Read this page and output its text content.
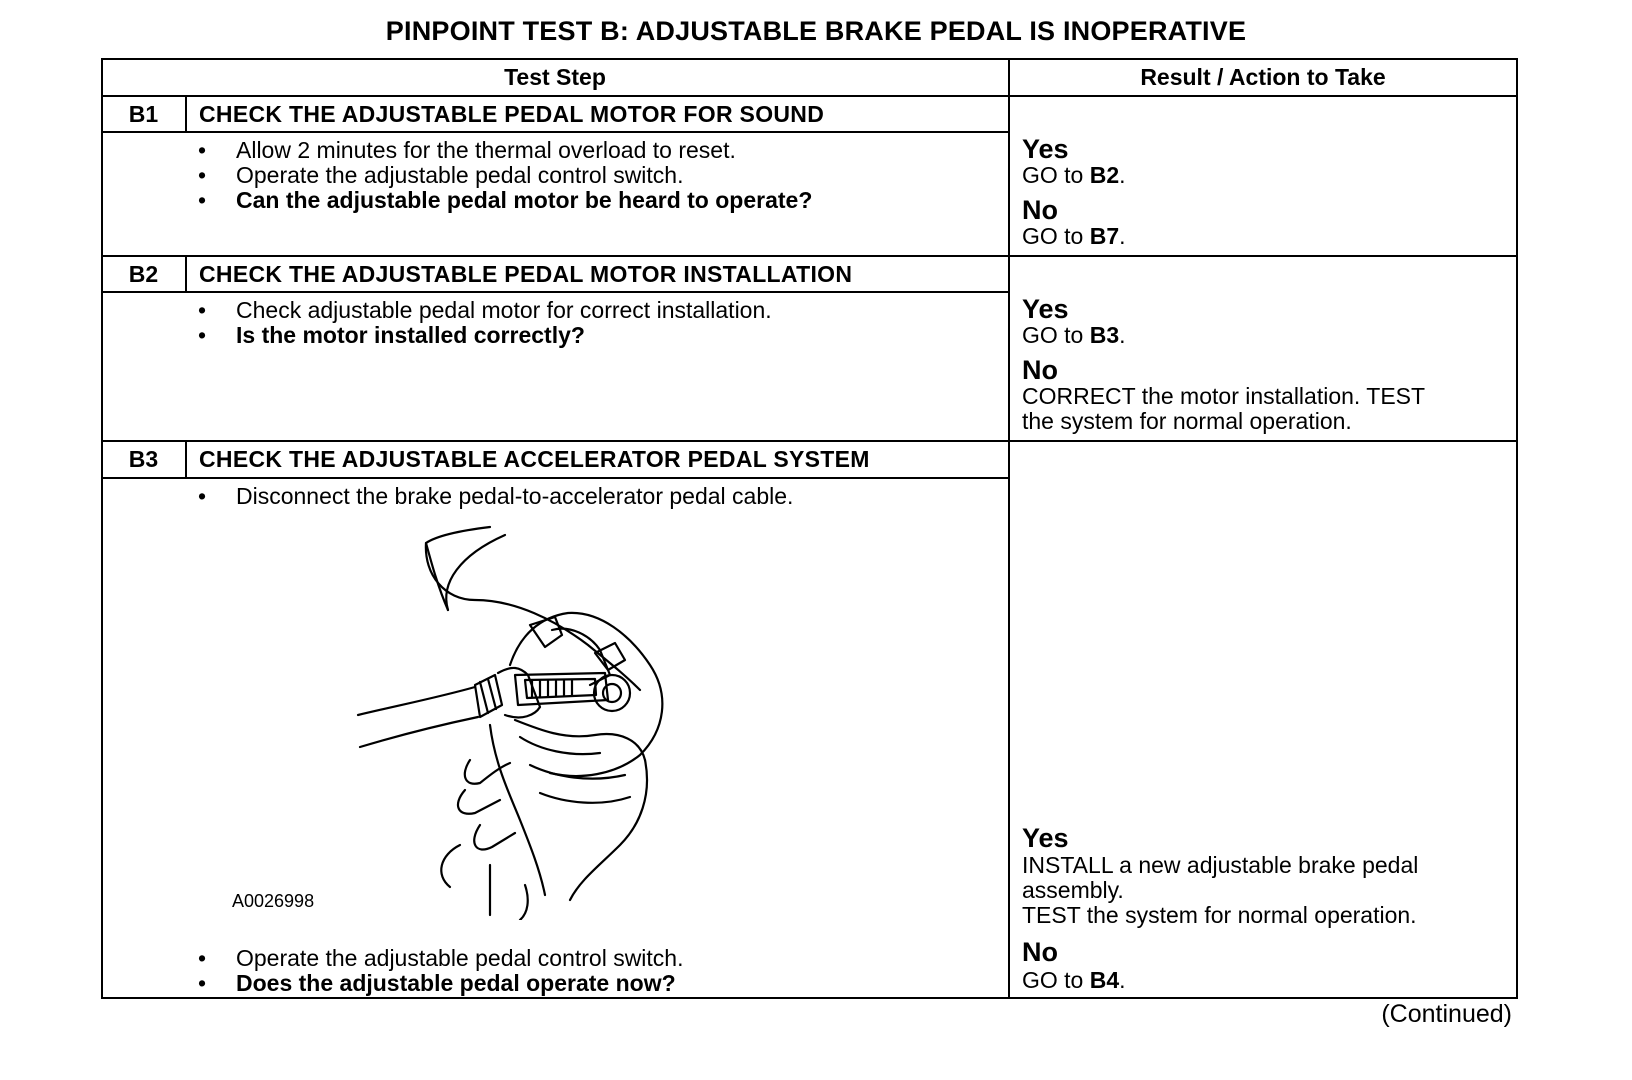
PINPOINT TEST B: ADJUSTABLE BRAKE PEDAL IS INOPERATIVE
Test Step	Result / Action to Take
B1	CHECK THE ADJUSTABLE PEDAL MOTOR FOR SOUND
• Allow 2 minutes for the thermal overload to reset.
• Operate the adjustable pedal control switch.
• Can the adjustable pedal motor be heard to operate?
Yes
GO to B2.
No
GO to B7.
B2	CHECK THE ADJUSTABLE PEDAL MOTOR INSTALLATION
• Check adjustable pedal motor for correct installation.
• Is the motor installed correctly?
Yes
GO to B3.
No
CORRECT the motor installation. TEST
the system for normal operation.
B3	CHECK THE ADJUSTABLE ACCELERATOR PEDAL SYSTEM
• Disconnect the brake pedal-to-accelerator pedal cable.
A0026998
• Operate the adjustable pedal control switch.
• Does the adjustable pedal operate now?
Yes
INSTALL a new adjustable brake pedal
assembly.
TEST the system for normal operation.
No
GO to B4.
(Continued)
